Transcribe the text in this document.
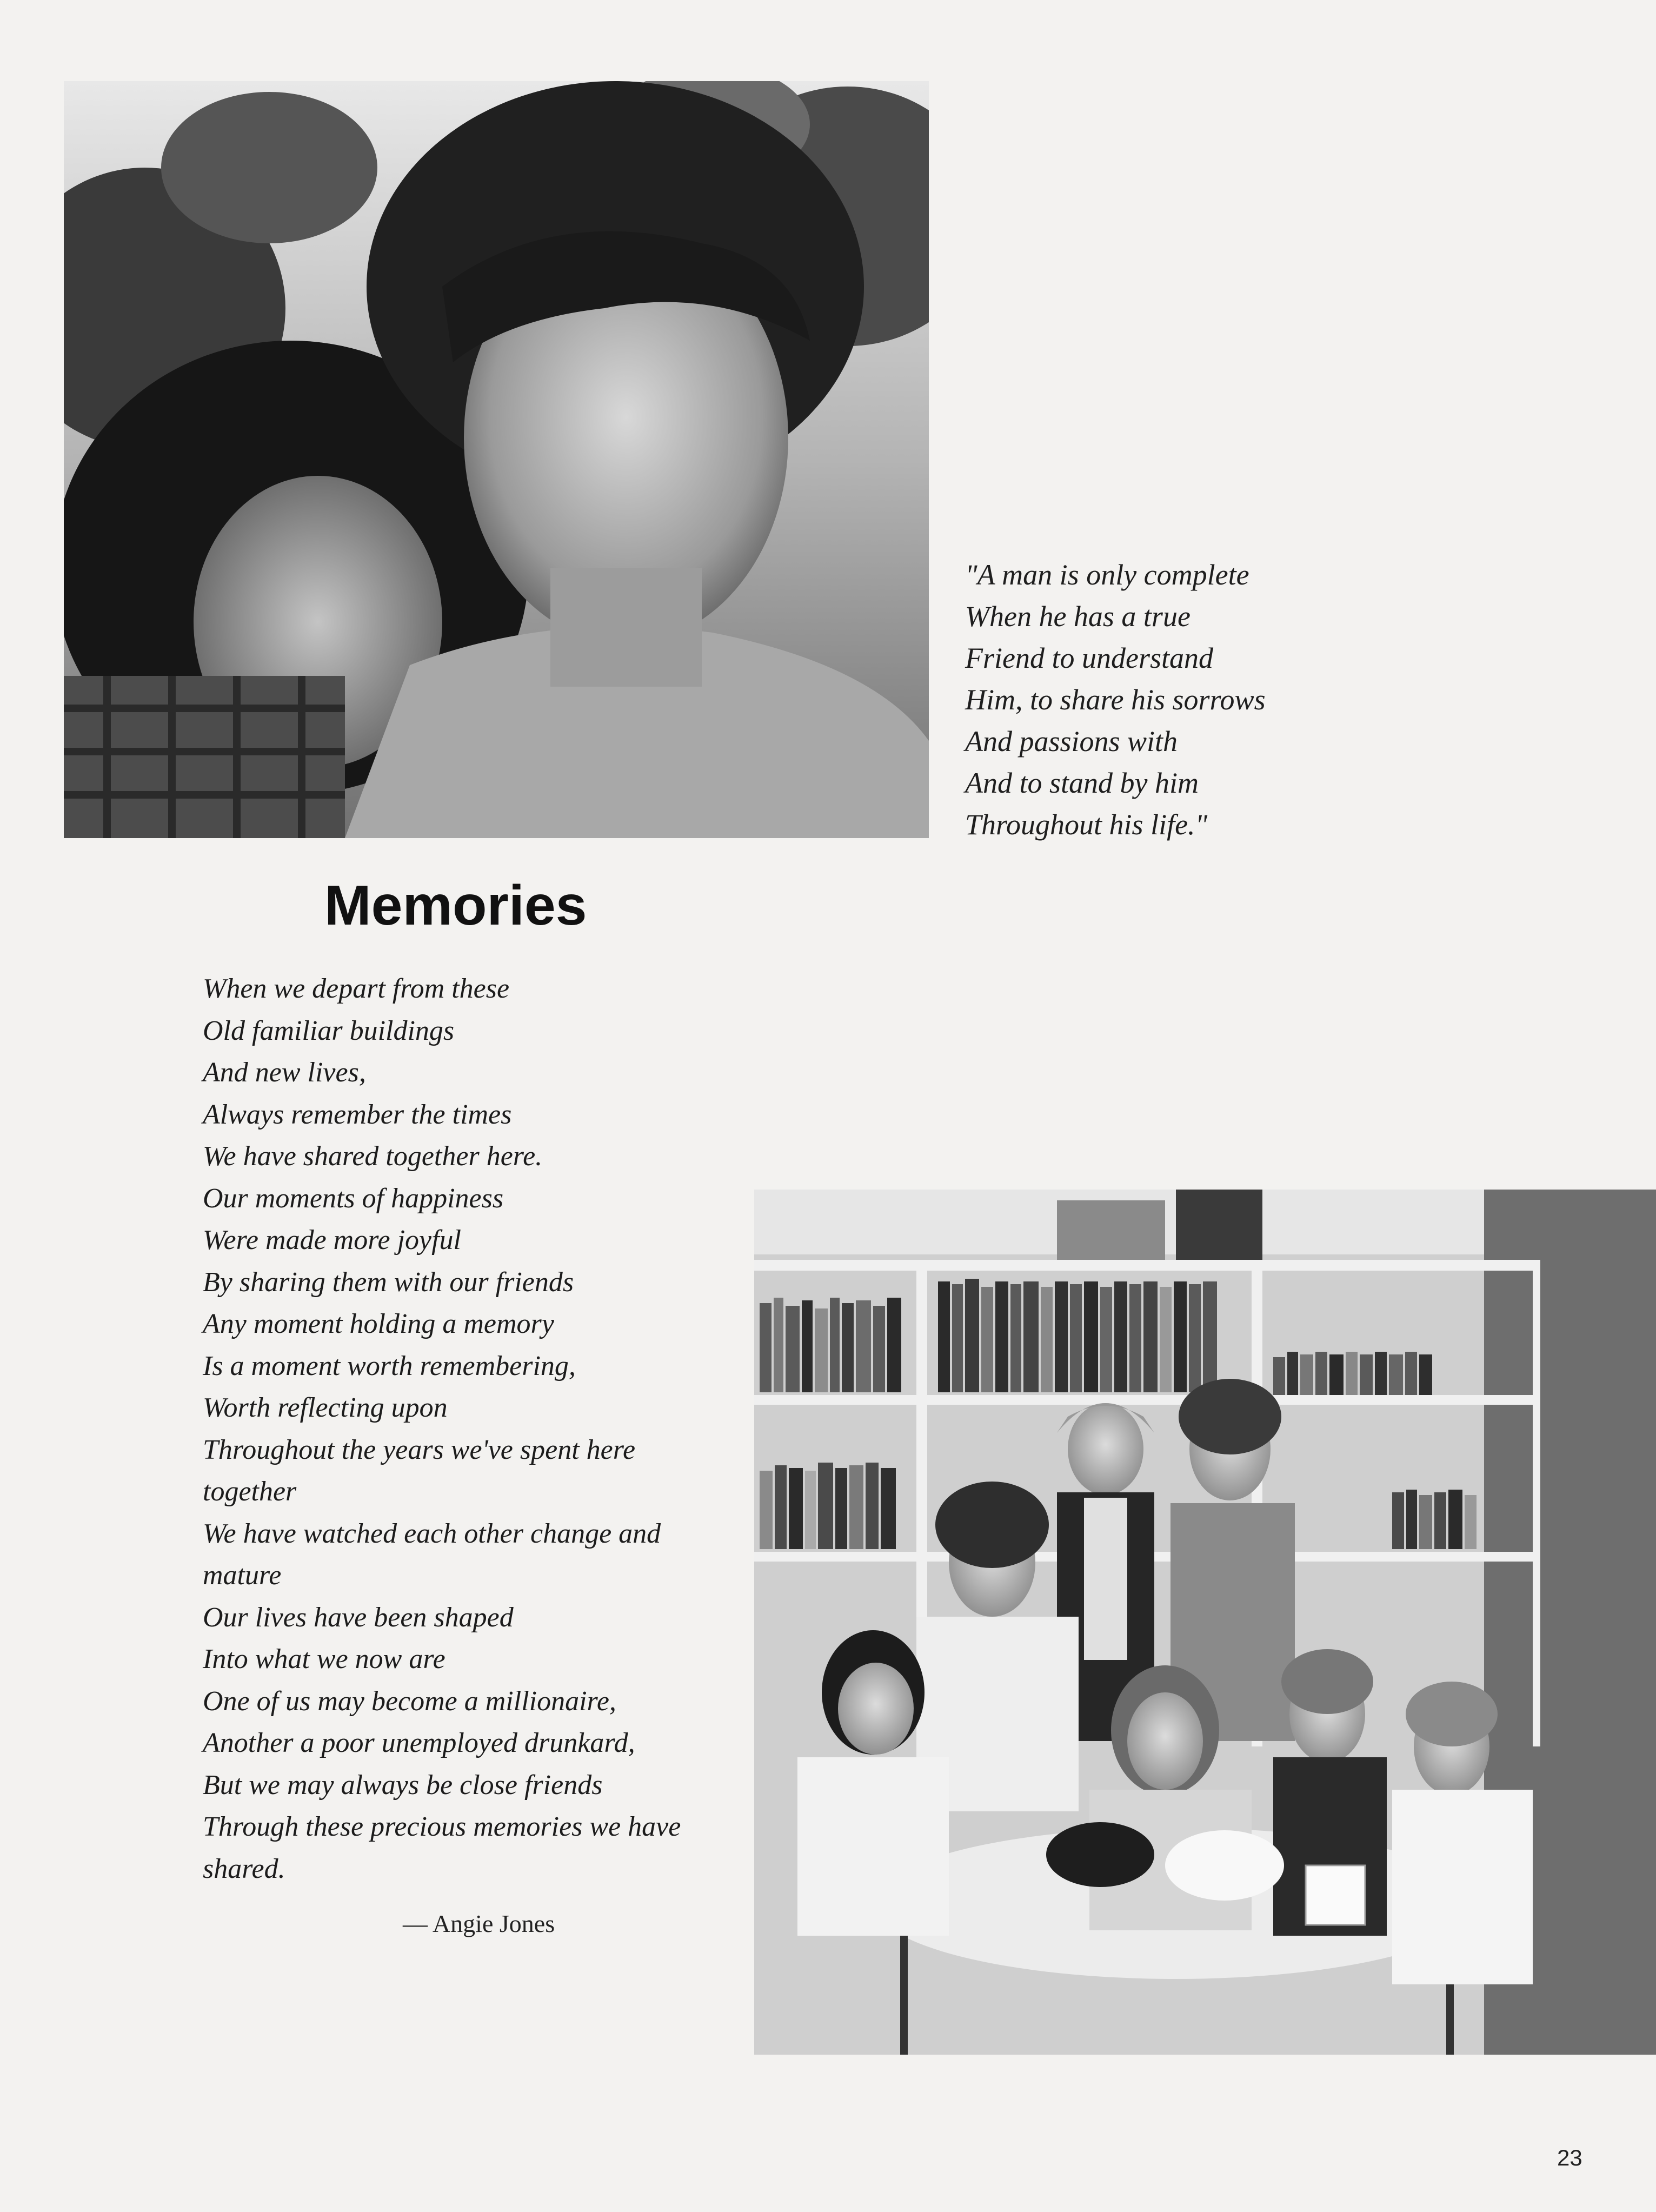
"A man is only complete
When he has a true
Friend to understand
Him, to share his sorrows
And passions with
And to stand by him
Throughout his life."
Memories
When we depart from these
Old familiar buildings
And new lives,
Always remember the times
We have shared together here.
Our moments of happiness
Were made more joyful
By sharing them with our friends
Any moment holding a memory
Is a moment worth remembering,
Worth reflecting upon
Throughout the years we've spent here
together
We have watched each other change and
mature
Our lives have been shaped
Into what we now are
One of us may become a millionaire,
Another a poor unemployed drunkard,
But we may always be close friends
Through these precious memories we have
shared.
— Angie Jones
23
